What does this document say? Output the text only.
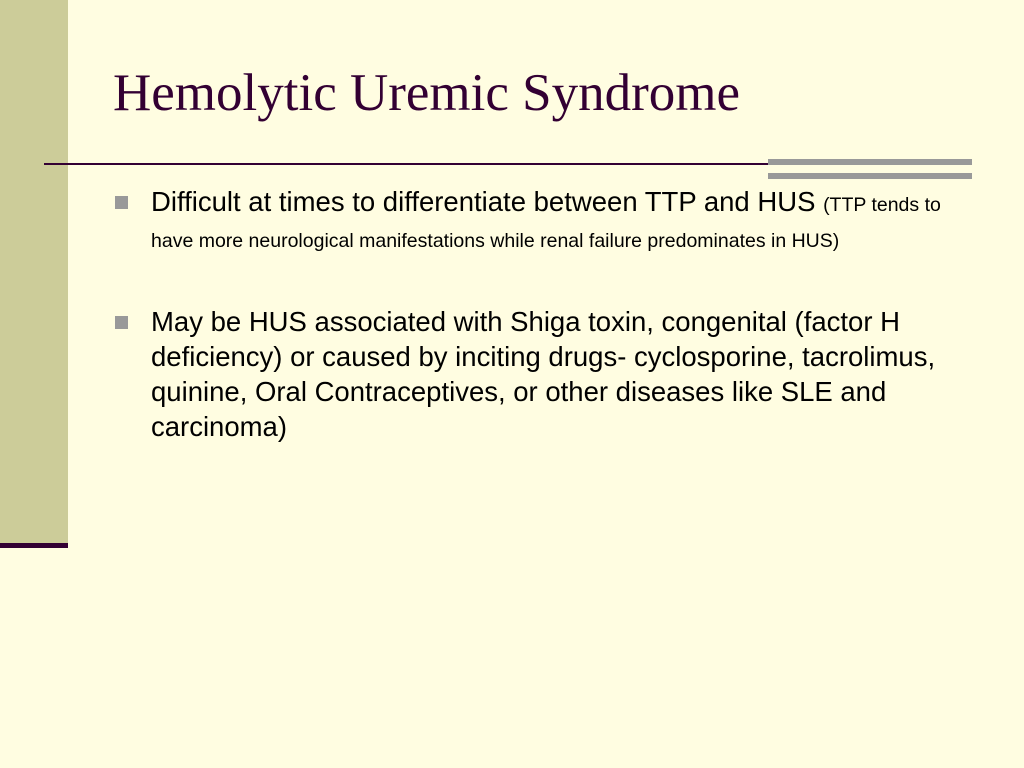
Hemolytic Uremic Syndrome
Difficult at times to differentiate between TTP and HUS (TTP tends to have more neurological manifestations while renal failure predominates in HUS)
May be HUS associated with Shiga toxin, congenital (factor H deficiency) or caused by inciting drugs- cyclosporine, tacrolimus, quinine, Oral Contraceptives, or other diseases like SLE and carcinoma)
